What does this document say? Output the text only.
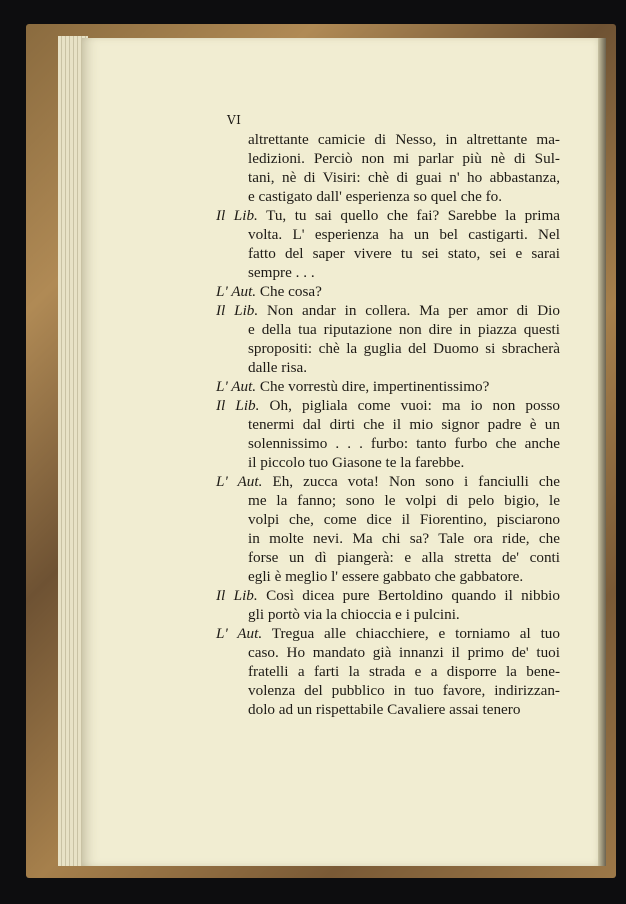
VI
altrettante camicie di Nesso, in altrettante ma-
ledizioni. Perciò non mi parlar più nè di Sul-
tani, nè di Visiri: chè di guai n' ho abbastanza,
e castigato dall' esperienza so quel che fo.
Il Lib. Tu, tu sai quello che fai? Sarebbe la prima
volta. L' esperienza ha un bel castigarti. Nel
fatto del saper vivere tu sei stato, sei e sarai
sempre . . .
L' Aut. Che cosa?
Il Lib. Non andar in collera. Ma per amor di Dio
e della tua riputazione non dire in piazza questi
spropositi: chè la guglia del Duomo si sbracherà
dalle risa.
L' Aut. Che vorrestù dire, impertinentissimo?
Il Lib. Oh, pigliala come vuoi: ma io non posso
tenermi dal dirti che il mio signor padre è un
solennissimo . . . furbo: tanto furbo che anche
il piccolo tuo Giasone te la farebbe.
L' Aut. Eh, zucca vota! Non sono i fanciulli che
me la fanno; sono le volpi di pelo bigio, le
volpi che, come dice il Fiorentino, pisciarono
in molte nevi. Ma chi sa? Tale ora ride, che
forse un dì piangerà: e alla stretta de' conti
egli è meglio l' essere gabbato che gabbatore.
Il Lib. Così dicea pure Bertoldino quando il nibbio
gli portò via la chioccia e i pulcini.
L' Aut. Tregua alle chiacchiere, e torniamo al tuo
caso. Ho mandato già innanzi il primo de' tuoi
fratelli a farti la strada e a disporre la bene-
volenza del pubblico in tuo favore, indirizzan-
dolo ad un rispettabile Cavaliere assai tenero
